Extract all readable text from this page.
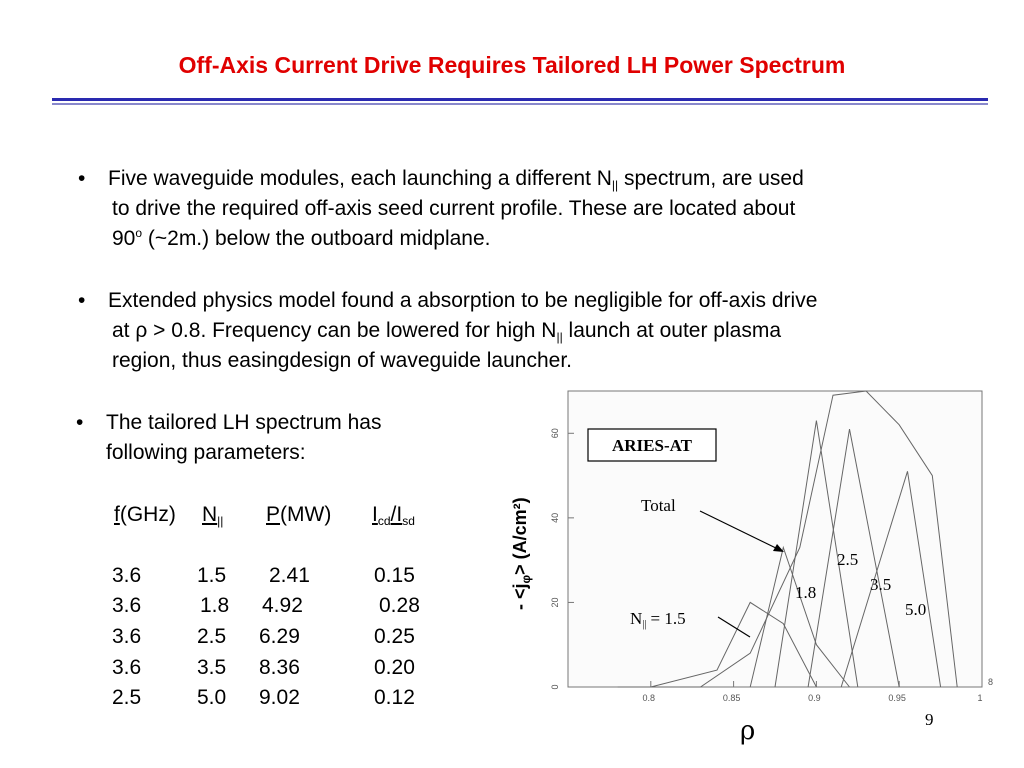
Off-Axis Current Drive Requires Tailored LH Power Spectrum
• Five waveguide modules, each launching a different $N_{||}$ spectrum, are used

to drive the required off-axis seed current profile. These are located about

90$^o$ (~2m.) below the outboard midplane.

• Extended physics model found a absorption to be negligible for off-axis drive

at ρ > 0.8. Frequency can be lowered for high $N_{||}$ launch at outer plasma

region, thus easingdesign of waveguide launcher.

• The tailored LH spectrum has

following parameters:

f(GHz) $N_{||}$ P(MW) $I_{cd}/I_{sd}$
3.6	1.5 2.41	0.15
3.6	1.8 4.92	0.28
3.6	2.5 6.29	0.25
3.6	3.5 8.36	0.20
2.5	5.0 9.02	0.12
- $<j_\varphi> (A/cm^2)$
0
20
40
60
0.8	0.85	0.9	0.95	1
8
ARIES-AT
Total
N|| = 1.5
1.8
2.5
3.5
5.0
ρ	9
